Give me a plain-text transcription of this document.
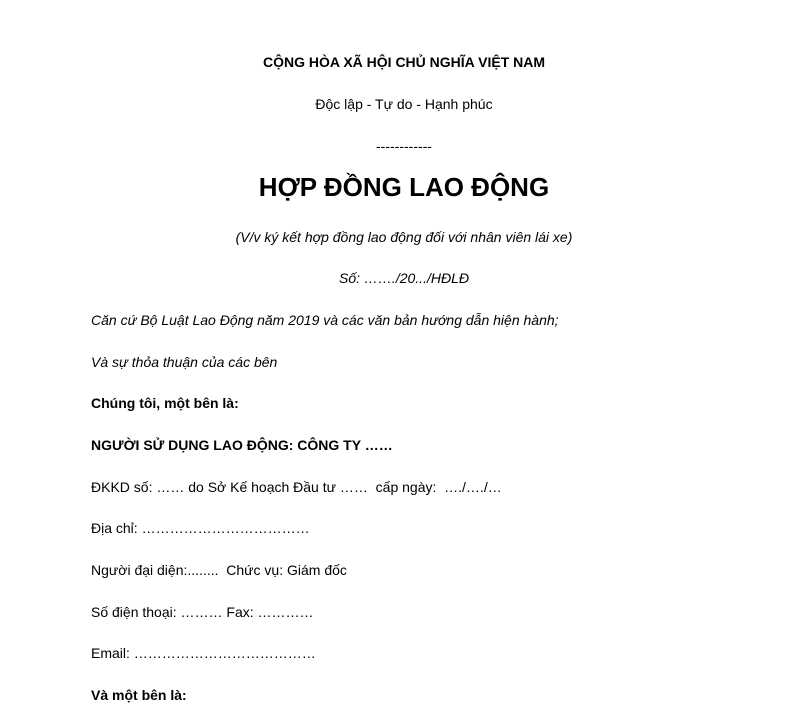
CỘNG HÒA XÃ HỘI CHỦ NGHĨA VIỆT NAM
Độc lập - Tự do - Hạnh phúc
------------
HỢP ĐỒNG LAO ĐỘNG
(V/v ký kết hợp đồng lao động đối với nhân viên lái xe)
Số: ……./20.../HĐLĐ
Căn cứ Bộ Luật Lao Động năm 2019 và các văn bản hướng dẫn hiện hành;
Và sự thỏa thuận của các bên
Chúng tôi, một bên là:
NGƯỜI SỬ DỤNG LAO ĐỘNG: CÔNG TY ……
ĐKKD số: …… do Sở Kế hoạch Đầu tư ……  cấp ngày:  …./…./…
Địa chỉ: ………………………………
Người đại diện:........  Chức vụ: Giám đốc
Số điện thoại: ……… Fax: …………
Email: …………………………………
Và một bên là:
